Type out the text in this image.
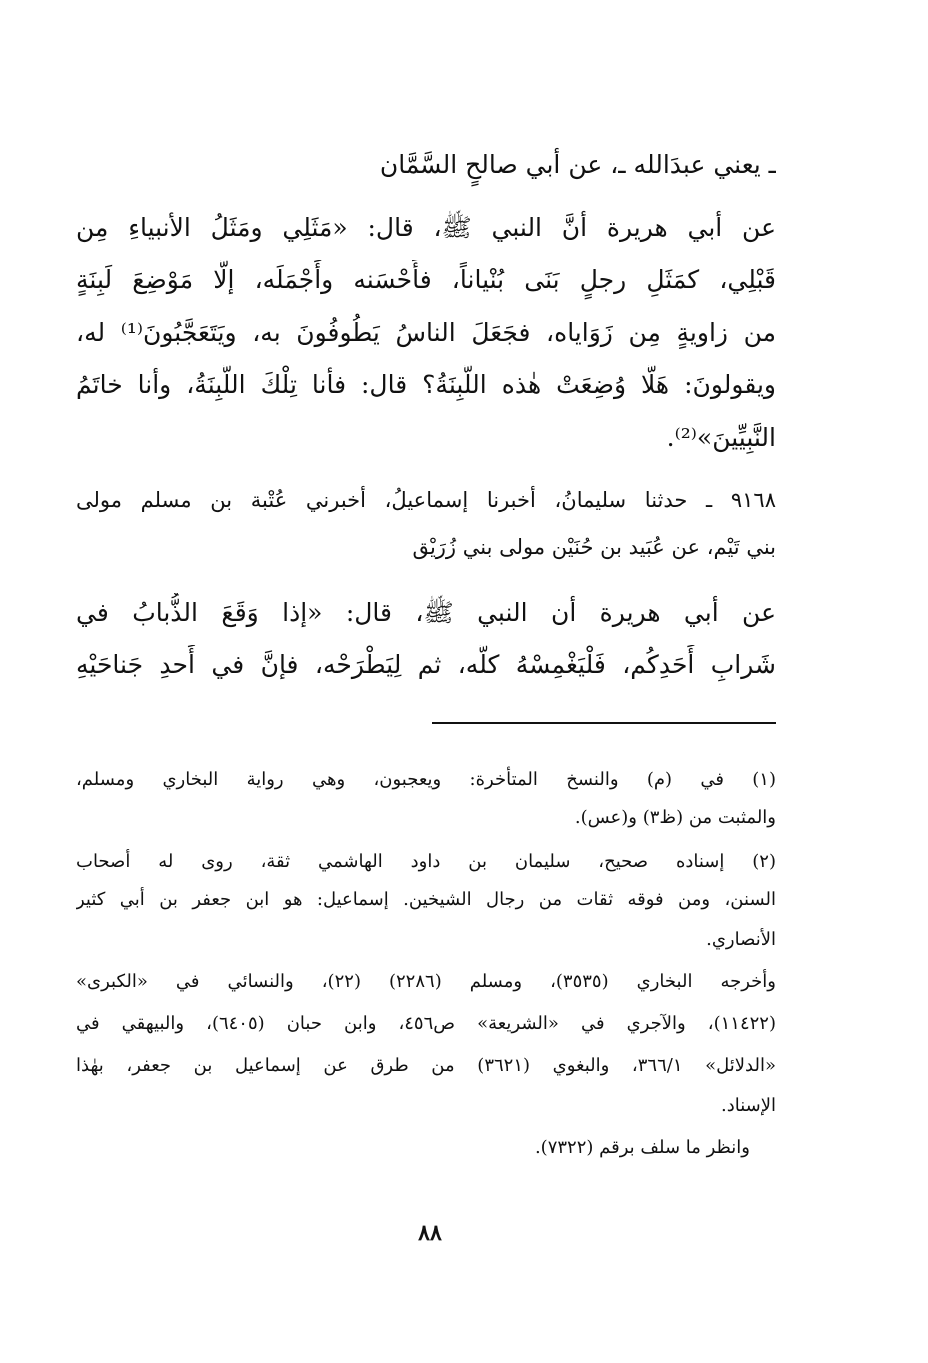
ـ يعني عبدَالله ـ، عن أبي صالحٍ السَّمَّان
عن أبي هريرة أنَّ النبي ﷺ، قال: «مَثَلِي ومَثَلُ الأنبياءِ مِن
قَبْلِي، كمَثَلِ رجلٍ بَنَى بُنْياناً، فأَحْسَنه وأَجْمَلَه، إلَّا مَوْضِعَ لَبِنَةٍ
من زاويةٍ مِن زَوَاياه، فجَعَلَ الناسُ يَطُوفُونَ به، ويَتَعَجَّبُونَ⁽¹⁾ له،
ويقولونَ: هَلَّا وُضِعَتْ هٰذه اللَّبِنَةُ؟ قال: فأنا تِلْكَ اللَّبِنَةُ، وأنا خاتَمُ
النَّبِيِّينَ»⁽²⁾.
٩١٦٨ ـ حدثنا سليمانُ، أخبرنا إسماعيلُ، أخبرني عُتْبة بن مسلم مولى
بني تَيْم، عن عُبَيد بن حُنَيْن مولى بني زُرَيْق
عن أبي هريرة أن النبي ﷺ، قال: «إذا وَقَعَ الذُّبابُ في
شَرابِ أَحَدِكُم، فَلْيَغْمِسْهُ كلَّه، ثم لِيَطْرَحْه، فإنَّ في أَحدِ جَناحَيْهِ
(١) في (م) والنسخ المتأخرة: ويعجبون، وهي رواية البخاري ومسلم،
والمثبت من (ظ٣) و(عس).
(٢) إسناده صحيح، سليمان بن داود الهاشمي ثقة، روى له أصحاب
السنن، ومن فوقه ثقات من رجال الشيخين. إسماعيل: هو ابن جعفر بن أبي كثير
الأنصاري.
وأخرجه البخاري (٣٥٣٥)، ومسلم (٢٢٨٦) (٢٢)، والنسائي في «الكبرى»
(١١٤٢٢)، والآجري في «الشريعة» ص٤٥٦، وابن حبان (٦٤٠٥)، والبيهقي في
«الدلائل» ٣٦٦/١، والبغوي (٣٦٢١) من طرق عن إسماعيل بن جعفر، بهٰذا
الإسناد.
وانظر ما سلف برقم (٧٣٢٢).
٨٨
